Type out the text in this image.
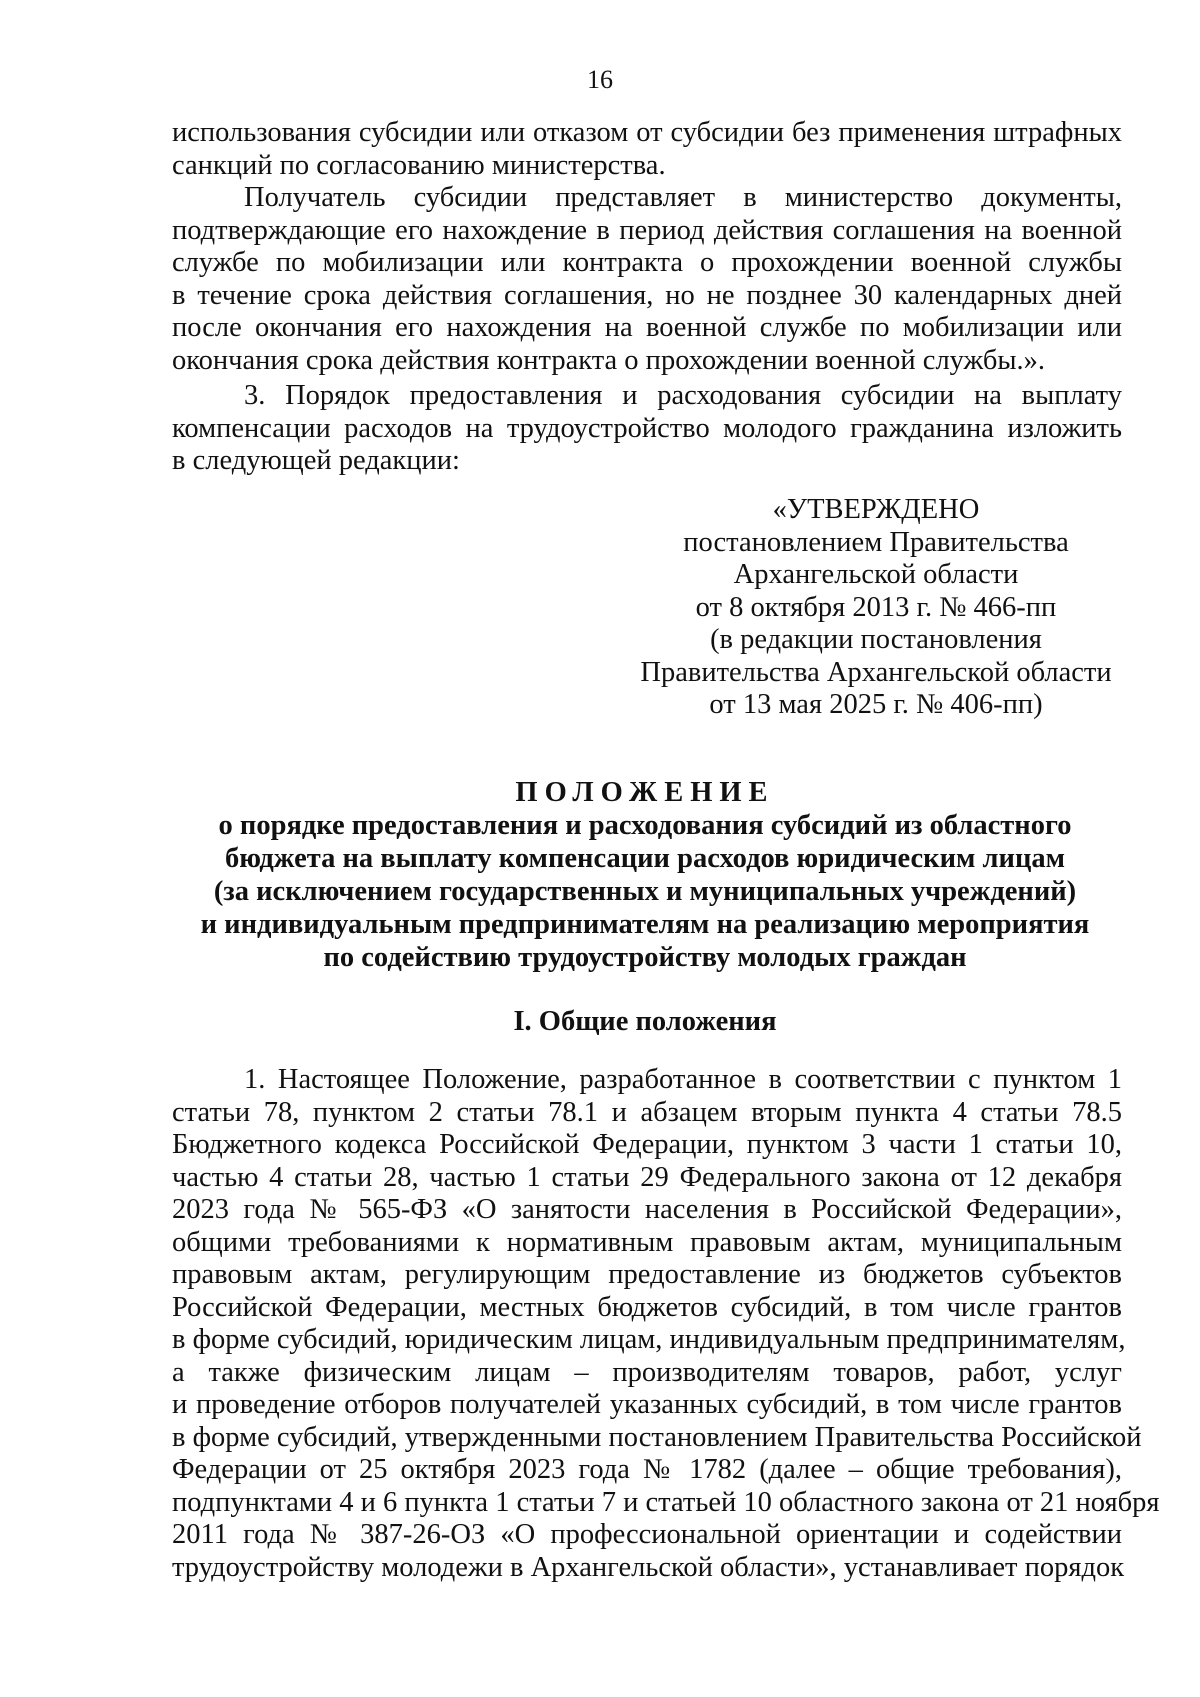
16
использования субсидии или отказом от субсидии без применения штрафных
санкций по согласованию министерства.
Получатель субсидии представляет в министерство документы,
подтверждающие его нахождение в период действия соглашения на военной
службе по мобилизации или контракта о прохождении военной службы
в течение срока действия соглашения, но не позднее 30 календарных дней
после окончания его нахождения на военной службе по мобилизации или
окончания срока действия контракта о прохождении военной службы.».
3. Порядок предоставления и расходования субсидии на выплату
компенсации расходов на трудоустройство молодого гражданина изложить
в следующей редакции:
«УТВЕРЖДЕНО
постановлением Правительства
Архангельской области
от 8 октября 2013 г. № 466-пп
(в редакции постановления
Правительства Архангельской области
от 13 мая 2025 г. № 406-пп)
ПОЛОЖЕНИЕ
о порядке предоставления и расходования субсидий из областного
бюджета на выплату компенсации расходов юридическим лицам
(за исключением государственных и муниципальных учреждений)
и индивидуальным предпринимателям на реализацию мероприятия
по содействию трудоустройству молодых граждан
I. Общие положения
1. Настоящее Положение, разработанное в соответствии с пунктом 1
статьи 78, пунктом 2 статьи 78.1 и абзацем вторым пункта 4 статьи 78.5
Бюджетного кодекса Российской Федерации, пунктом 3 части 1 статьи 10,
частью 4 статьи 28, частью 1 статьи 29 Федерального закона от 12 декабря
2023 года № 565-ФЗ «О занятости населения в Российской Федерации»,
общими требованиями к нормативным правовым актам, муниципальным
правовым актам, регулирующим предоставление из бюджетов субъектов
Российской Федерации, местных бюджетов субсидий, в том числе грантов
в форме субсидий, юридическим лицам, индивидуальным предпринимателям,
а также физическим лицам – производителям товаров, работ, услуг
и проведение отборов получателей указанных субсидий, в том числе грантов
в форме субсидий, утвержденными постановлением Правительства Российской
Федерации от 25 октября 2023 года № 1782 (далее – общие требования),
подпунктами 4 и 6 пункта 1 статьи 7 и статьей 10 областного закона от 21 ноября
2011 года № 387-26-ОЗ «О профессиональной ориентации и содействии
трудоустройству молодежи в Архангельской области», устанавливает порядок
